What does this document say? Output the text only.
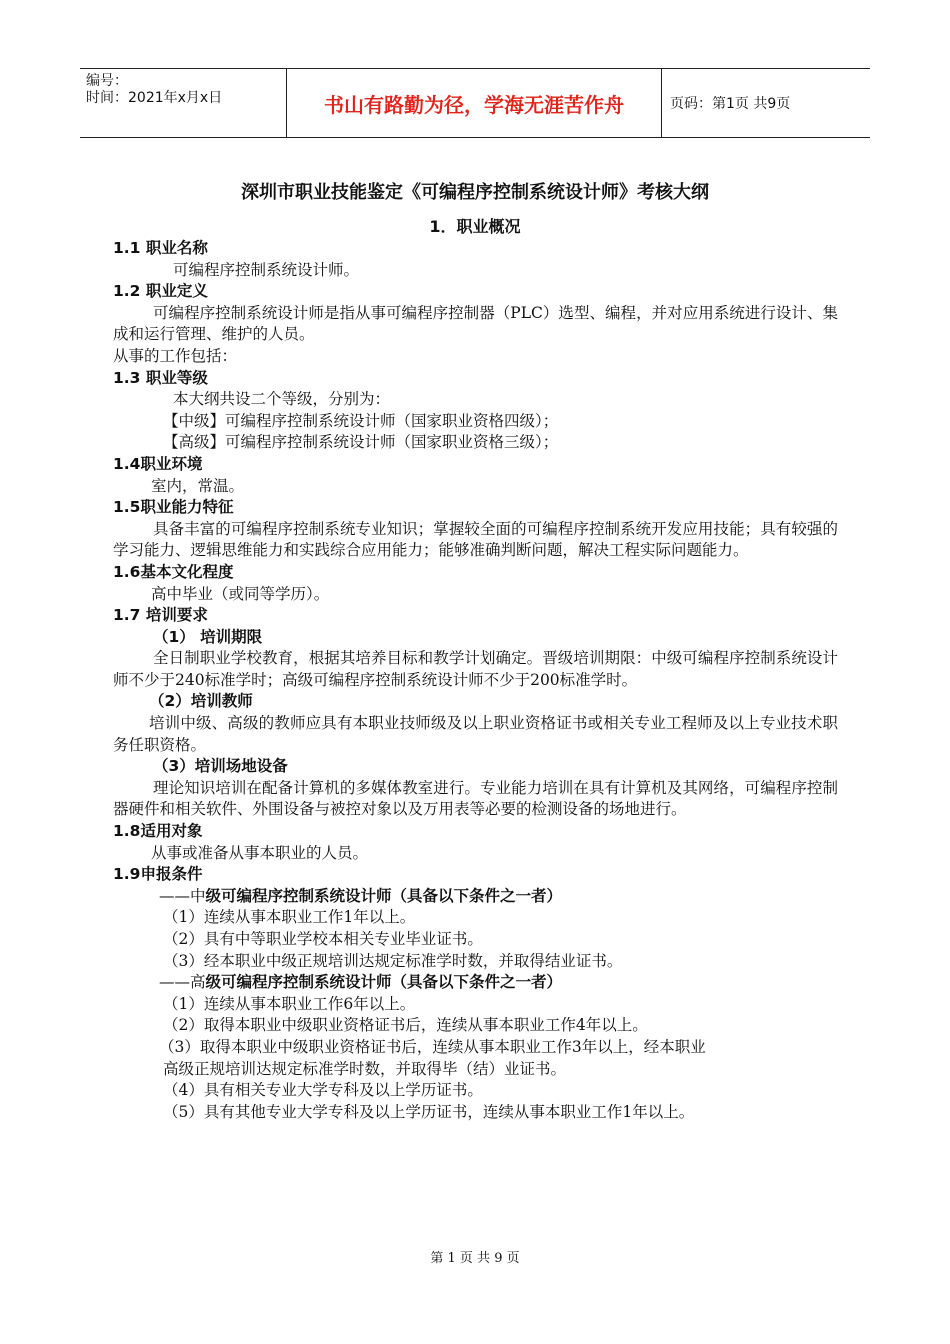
编号：
时间：2021年x月x日	书山有路勤为径，学海无涯苦作舟	页码：第1页 共9页
深圳市职业技能鉴定《可编程序控制系统设计师》考核大纲
1．职业概况
1.1 职业名称
可编程序控制系统设计师。
1.2 职业定义
可编程序控制系统设计师是指从事可编程序控制器（PLC）选型、编程，并对应用系统进行设计、集成和运行管理、维护的人员。
从事的工作包括：
1.3 职业等级
本大纲共设二个等级，分别为：
【中级】可编程序控制系统设计师（国家职业资格四级）；
【高级】可编程序控制系统设计师（国家职业资格三级）；
1.4职业环境
室内，常温。
1.5职业能力特征
具备丰富的可编程序控制系统专业知识；掌握较全面的可编程序控制系统开发应用技能；具有较强的学习能力、逻辑思维能力和实践综合应用能力；能够准确判断问题，解决工程实际问题能力。
1.6基本文化程度
高中毕业（或同等学历）。
1.7 培训要求
（1） 培训期限
全日制职业学校教育，根据其培养目标和教学计划确定。晋级培训期限：中级可编程序控制系统设计师不少于240标准学时；高级可编程序控制系统设计师不少于200标准学时。
（2）培训教师
培训中级、高级的教师应具有本职业技师级及以上职业资格证书或相关专业工程师及以上专业技术职务任职资格。
（3）培训场地设备
理论知识培训在配备计算机的多媒体教室进行。专业能力培训在具有计算机及其网络，可编程序控制器硬件和相关软件、外围设备与被控对象以及万用表等必要的检测设备的场地进行。
1.8适用对象
从事或准备从事本职业的人员。
1.9申报条件
——中级可编程序控制系统设计师（具备以下条件之一者）
（1）连续从事本职业工作1年以上。
（2）具有中等职业学校本相关专业毕业证书。
（3）经本职业中级正规培训达规定标准学时数，并取得结业证书。
——高级可编程序控制系统设计师（具备以下条件之一者）
（1）连续从事本职业工作6年以上。
（2）取得本职业中级职业资格证书后，连续从事本职业工作4年以上。
（3）取得本职业中级职业资格证书后，连续从事本职业工作3年以上，经本职业
高级正规培训达规定标准学时数，并取得毕（结）业证书。
（4）具有相关专业大学专科及以上学历证书。
（5）具有其他专业大学专科及以上学历证书，连续从事本职业工作1年以上。
第 1 页 共 9 页
